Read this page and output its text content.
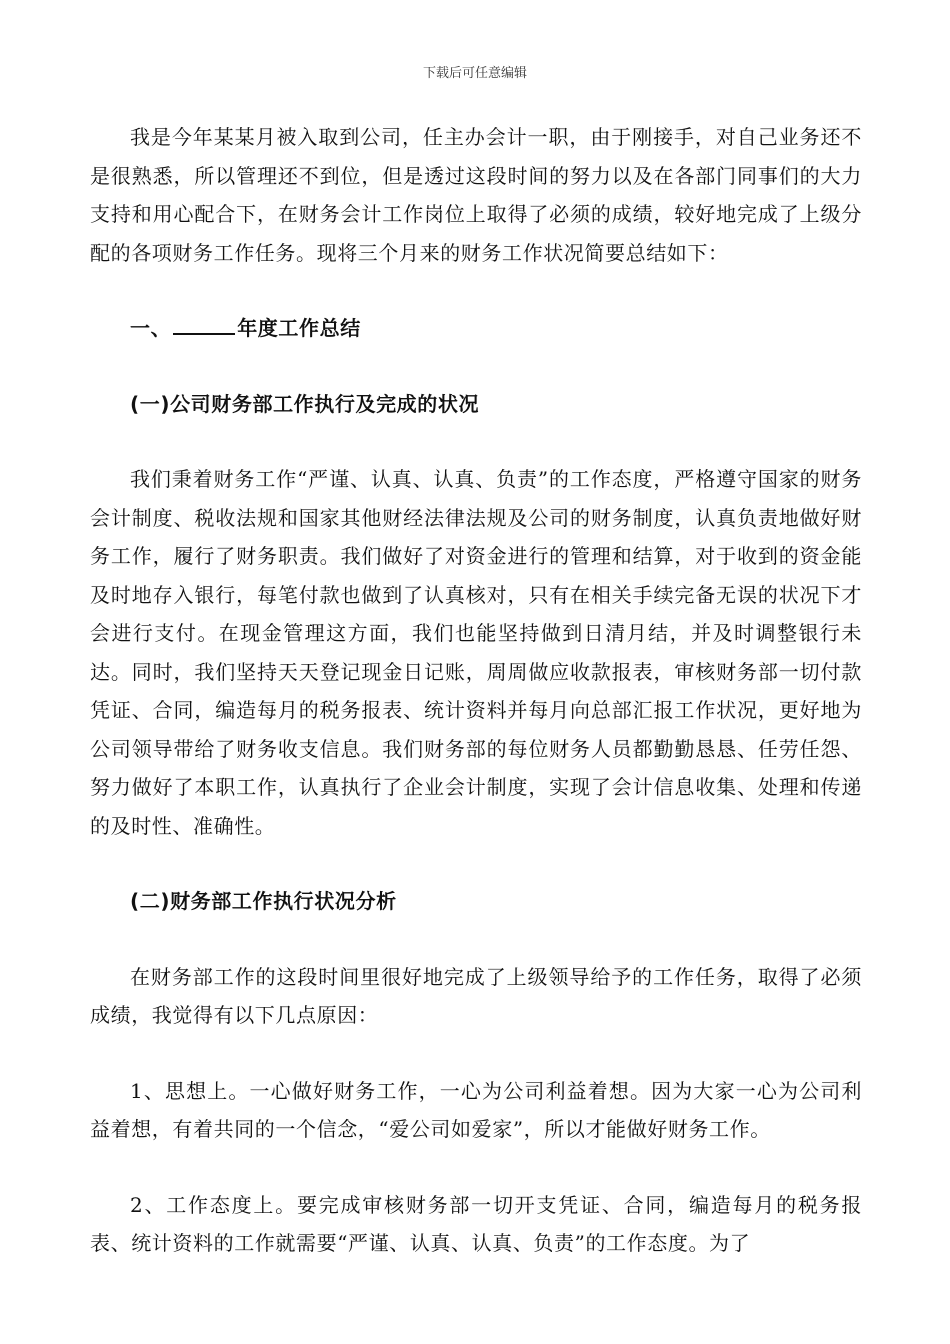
下载后可任意编辑

我是今年某某月被入取到公司，任主办会计一职，由于刚接手，对自己业务还不是很熟悉，所以管理还不到位，但是透过这段时间的努力以及在各部门同事们的大力支持和用心配合下，在财务会计工作岗位上取得了必须的成绩，较好地完成了上级分配的各项财务工作任务。现将三个月来的财务工作状况简要总结如下：

一、	年度工作总结

(一)公司财务部工作执行及完成的状况

我们秉着财务工作“严谨、认真、认真、负责”的工作态度，严格遵守国家的财务会计制度、税收法规和国家其他财经法律法规及公司的财务制度，认真负责地做好财务工作，履行了财务职责。我们做好了对资金进行的管理和结算，对于收到的资金能及时地存入银行，每笔付款也做到了认真核对，只有在相关手续完备无误的状况下才会进行支付。在现金管理这方面，我们也能坚持做到日清月结，并及时调整银行未达。同时，我们坚持天天登记现金日记账，周周做应收款报表，审核财务部一切付款凭证、合同，编造每月的税务报表、统计资料并每月向总部汇报工作状况，更好地为公司领导带给了财务收支信息。我们财务部的每位财务人员都勤勤恳恳、任劳任怨、努力做好了本职工作，认真执行了企业会计制度，实现了会计信息收集、处理和传递的及时性、准确性。

(二)财务部工作执行状况分析

在财务部工作的这段时间里很好地完成了上级领导给予的工作任务，取得了必须成绩，我觉得有以下几点原因：

1、思想上。一心做好财务工作，一心为公司利益着想。因为大家一心为公司利益着想，有着共同的一个信念，“爱公司如爱家”，所以才能做好财务工作。

2、工作态度上。要完成审核财务部一切开支凭证、合同，编造每月的税务报表、统计资料的工作就需要“严谨、认真、认真、负责”的工作态度。为了
